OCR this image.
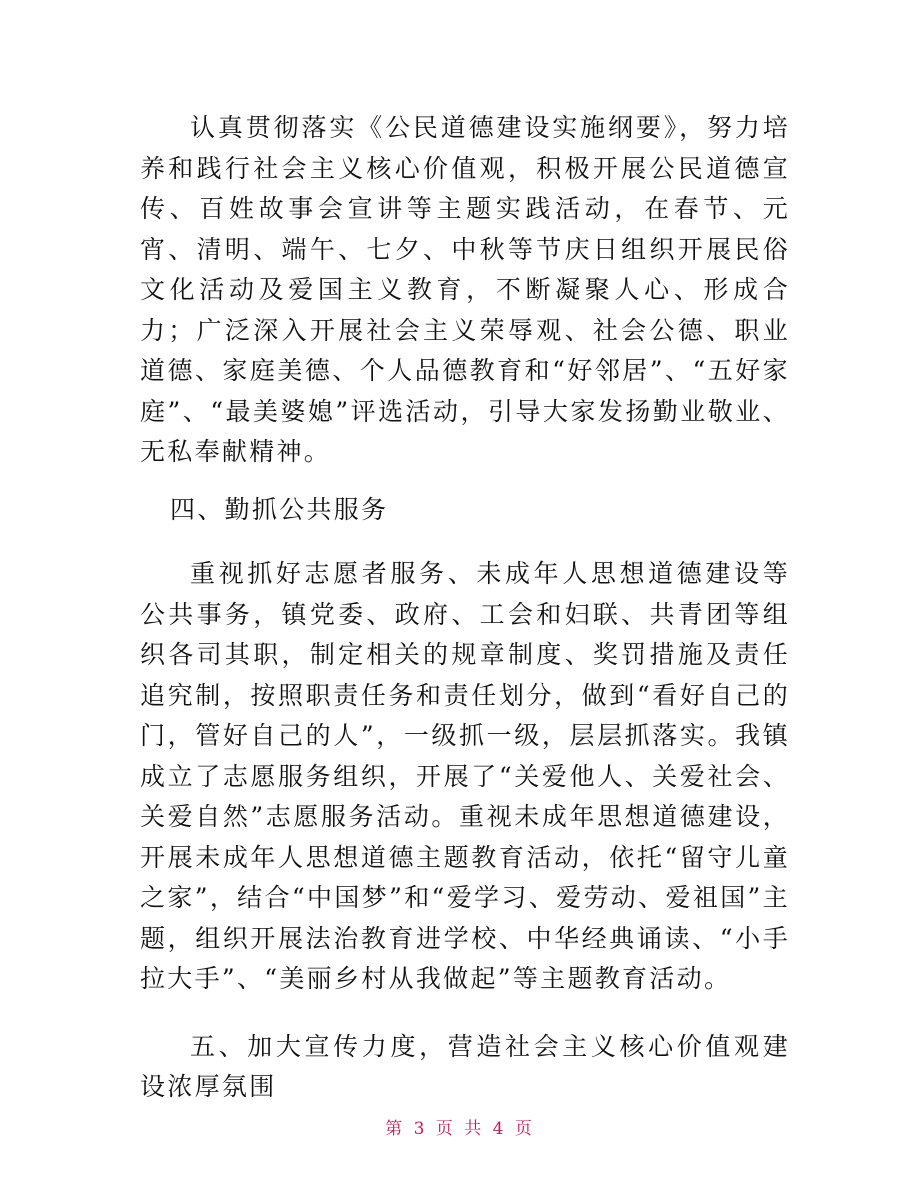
认真贯彻落实《公民道德建设实施纲要》，努力培养和践行社会主义核心价值观，积极开展公民道德宣传、百姓故事会宣讲等主题实践活动，在春节、元宵、清明、端午、七夕、中秋等节庆日组织开展民俗文化活动及爱国主义教育，不断凝聚人心、形成合力；广泛深入开展社会主义荣辱观、社会公德、职业道德、家庭美德、个人品德教育和“好邻居”、“五好家庭”、“最美婆媳”评选活动，引导大家发扬勤业敬业、无私奉献精神。

四、勤抓公共服务

重视抓好志愿者服务、未成年人思想道德建设等公共事务，镇党委、政府、工会和妇联、共青团等组织各司其职，制定相关的规章制度、奖罚措施及责任追究制，按照职责任务和责任划分，做到“看好自己的门，管好自己的人”，一级抓一级，层层抓落实。我镇成立了志愿服务组织，开展了“关爱他人、关爱社会、关爱自然”志愿服务活动。重视未成年思想道德建设，开展未成年人思想道德主题教育活动，依托“留守儿童之家”，结合“中国梦”和“爱学习、爱劳动、爱祖国”主题，组织开展法治教育进学校、中华经典诵读、“小手拉大手”、“美丽乡村从我做起”等主题教育活动。

五、加大宣传力度，营造社会主义核心价值观建设浓厚氛围

第 3 页 共 4 页
